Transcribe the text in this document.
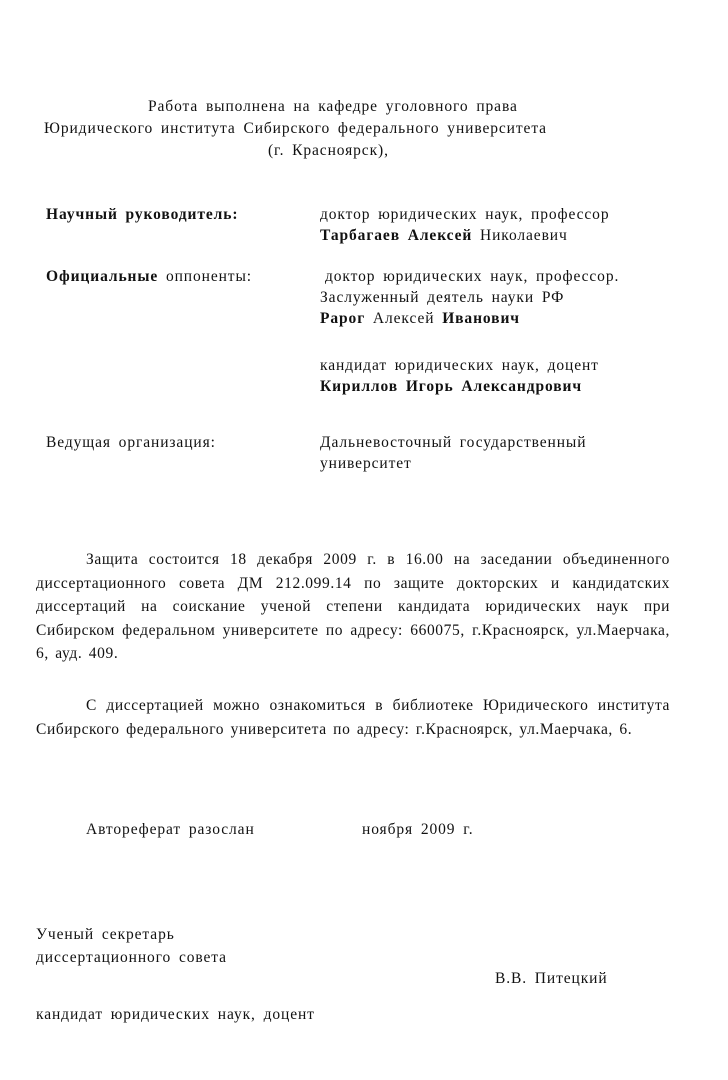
Работа выполнена на кафедре уголовного права
Юридического института Сибирского федерального университета
(г. Красноярск),
Научный руководитель:	доктор юридических наук, профессор
Тарбагаев Алексей Николаевич
Официальные оппоненты:	доктор юридических наук, профессор.
Заслуженный деятель науки РФ
Рарог Алексей Иванович
кандидат юридических наук, доцент
Кириллов Игорь Александрович
Ведущая организация:	Дальневосточный государственный
университет
Защита состоится 18 декабря 2009 г. в 16.00 на заседании объединенного диссертационного совета ДМ 212.099.14 по защите докторских и кандидатских диссертаций на соискание ученой степени кандидата юридических наук при Сибирском федеральном университете по адресу: 660075, г.Красноярск, ул.Маерчака, 6, ауд. 409.
С диссертацией можно ознакомиться в библиотеке Юридического института Сибирского федерального университета по адресу: г.Красноярск, ул.Маерчака, 6.
Автореферат разослан	ноября 2009 г.
Ученый секретарь
диссертационного совета
В.В. Питецкий
кандидат юридических наук, доцент
